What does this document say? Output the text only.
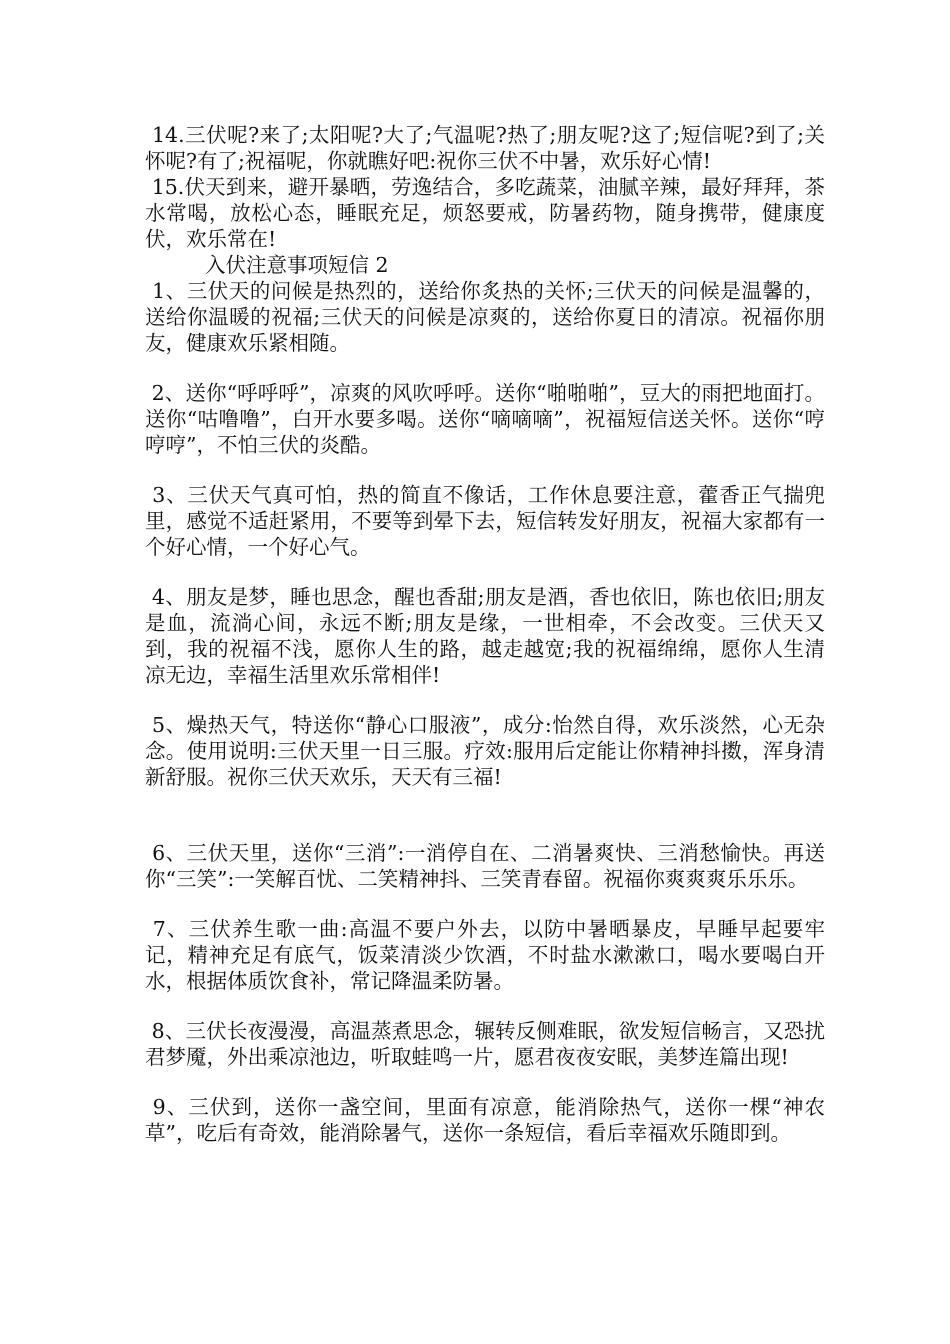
14.三伏呢?来了;太阳呢?大了;气温呢?热了;朋友呢?这了;短信呢?到了;关怀呢?有了;祝福呢，你就瞧好吧:祝你三伏不中暑，欢乐好心情!

15.伏天到来，避开暴晒，劳逸结合，多吃蔬菜，油腻辛辣，最好拜拜，茶水常喝，放松心态，睡眠充足，烦怒要戒，防暑药物，随身携带，健康度伏，欢乐常在!

入伏注意事项短信 2

1、三伏天的问候是热烈的，送给你炙热的关怀;三伏天的问候是温馨的，送给你温暖的祝福;三伏天的问候是凉爽的，送给你夏日的清凉。祝福你朋友，健康欢乐紧相随。

2、送你“呼呼呼”，凉爽的风吹呼呼。送你“啪啪啪”，豆大的雨把地面打。送你“咕噜噜”，白开水要多喝。送你“嘀嘀嘀”，祝福短信送关怀。送你“哼哼哼”，不怕三伏的炎酷。

3、三伏天气真可怕，热的简直不像话，工作休息要注意，藿香正气揣兜里，感觉不适赶紧用，不要等到晕下去，短信转发好朋友，祝福大家都有一个好心情，一个好心气。

4、朋友是梦，睡也思念，醒也香甜;朋友是酒，香也依旧，陈也依旧;朋友是血，流淌心间，永远不断;朋友是缘，一世相牵，不会改变。三伏天又到，我的祝福不浅，愿你人生的路，越走越宽;我的祝福绵绵，愿你人生清凉无边，幸福生活里欢乐常相伴!

5、燥热天气，特送你“静心口服液”，成分:怡然自得，欢乐淡然，心无杂念。使用说明:三伏天里一日三服。疗效:服用后定能让你精神抖擞，浑身清新舒服。祝你三伏天欢乐，天天有三福!

6、三伏天里，送你“三消”:一消停自在、二消暑爽快、三消愁愉快。再送你“三笑”:一笑解百忧、二笑精神抖、三笑青春留。祝福你爽爽爽乐乐乐。

7、三伏养生歌一曲:高温不要户外去，以防中暑晒暴皮，早睡早起要牢记，精神充足有底气，饭菜清淡少饮酒，不时盐水漱漱口，喝水要喝白开水，根据体质饮食补，常记降温柔防暑。

8、三伏长夜漫漫，高温蒸煮思念，辗转反侧难眠，欲发短信畅言，又恐扰君梦魇，外出乘凉池边，听取蛙鸣一片，愿君夜夜安眠，美梦连篇出现!

9、三伏到，送你一盏空间，里面有凉意，能消除热气，送你一棵“神农草”，吃后有奇效，能消除暑气，送你一条短信，看后幸福欢乐随即到。
